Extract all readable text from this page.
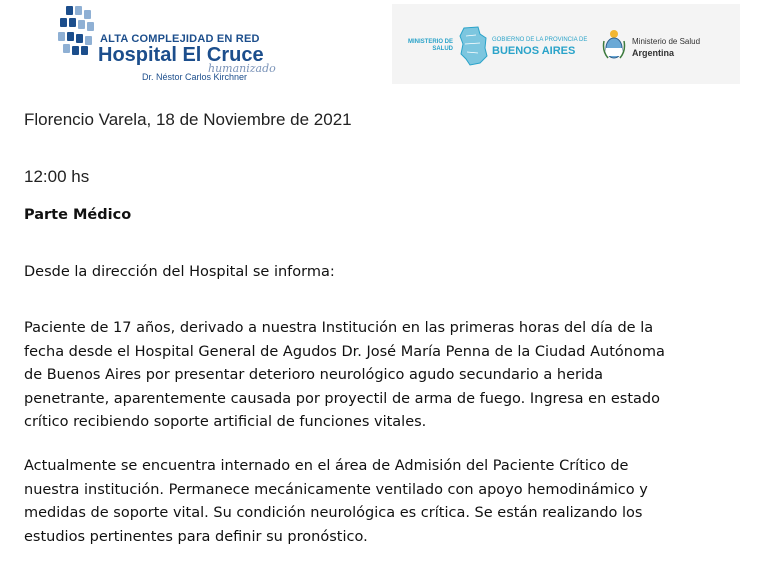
ALTA COMPLEJIDAD EN RED
Hospital El Cruce
humanizado
Dr. Néstor Carlos Kirchner
MINISTERIO DE SALUD
GOBIERNO DE LA PROVINCIA DE
BUENOS AIRES
Ministerio de Salud
Argentina
Florencio Varela, 18 de Noviembre de 2021
12:00 hs
Parte Médico
Desde la dirección del Hospital se informa:
Paciente de 17 años, derivado a nuestra Institución en las primeras horas del día de la
fecha desde el Hospital General de Agudos Dr. José María Penna de la Ciudad Autónoma
de Buenos Aires por presentar deterioro neurológico agudo secundario a herida
penetrante, aparentemente causada por proyectil de arma de fuego. Ingresa en estado
crítico recibiendo soporte artificial de funciones vitales.
Actualmente se encuentra internado en el área de Admisión del Paciente Crítico de
nuestra institución. Permanece mecánicamente ventilado con apoyo hemodinámico y
medidas de soporte vital. Su condición neurológica es crítica. Se están realizando los
estudios pertinentes para definir su pronóstico.
